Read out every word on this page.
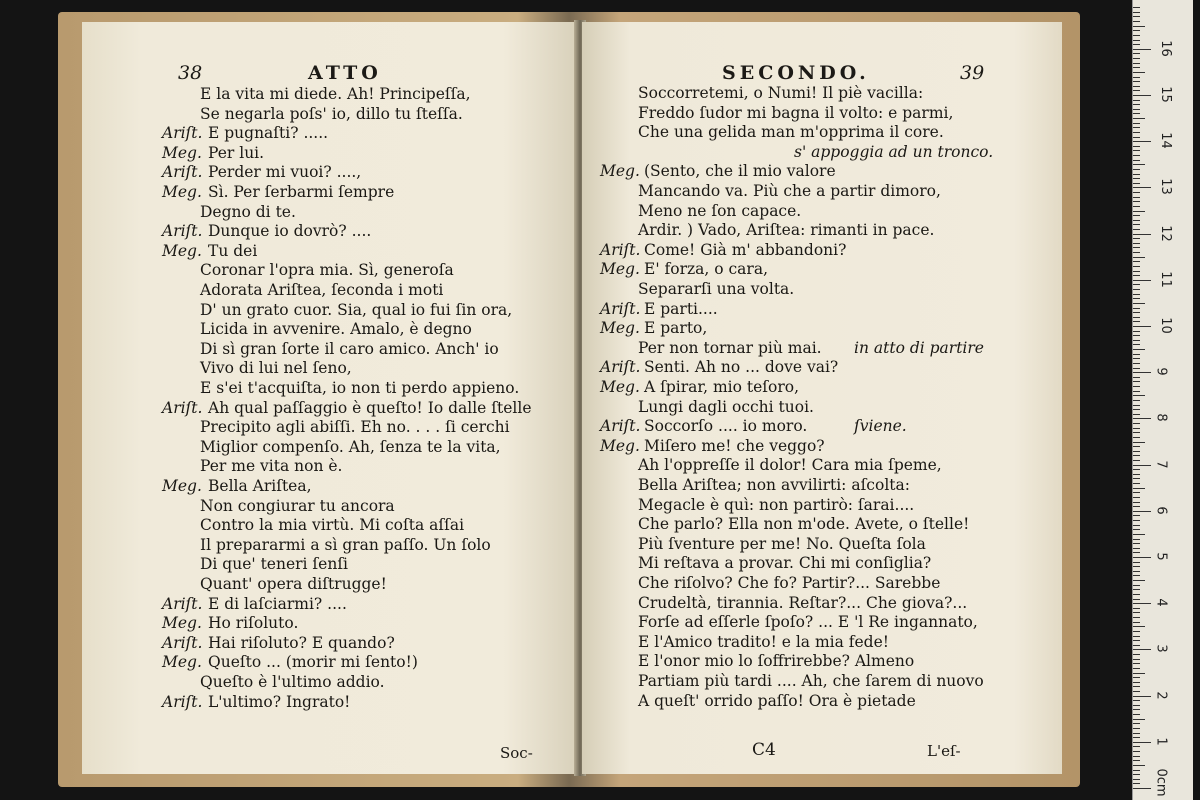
38	ATTO
E la vita mi diede. Ah! Principeſſa,
Se negarla poſs' io, dillo tu ſteſſa.
Ariſt. E pugnaſti? .....
Meg. Per lui.
Ariſt. Perder mi vuoi? ....,
Meg. Sì. Per ſerbarmi ſempre
Degno di te.
Ariſt. Dunque io dovrò? ....
Meg. Tu dei
Coronar l'opra mia. Sì, generoſa
Adorata Ariſtea, ſeconda i moti
D' un grato cuor. Sia, qual io fui ſin ora,
Licida in avvenire. Amalo, è degno
Di sì gran ſorte il caro amico. Anch' io
Vivo di lui nel ſeno,
E s'ei t'acquiſta, io non ti perdo appieno.
Ariſt. Ah qual paſſaggio è queſto! Io dalle ſtelle
Precipito agli abiſſi. Eh no. . . . ſi cerchi
Miglior compenſo. Ah, ſenza te la vita,
Per me vita non è.
Meg. Bella Ariſtea,
Non congiurar tu ancora
Contro la mia virtù. Mi coſta aſſai
Il prepararmi a sì gran paſſo. Un ſolo
Di que' teneri ſenſi
Quant' opera diſtrugge!
Ariſt. E di laſciarmi? ....
Meg. Ho riſoluto.
Ariſt. Hai riſoluto? E quando?
Meg. Queſto ... (morir mi ſento!)
Queſto è l'ultimo addio.
Ariſt. L'ultimo? Ingrato!
Soc-
SECONDO.	39
Soccorretemi, o Numi! Il piè vacilla:
Freddo ſudor mi bagna il volto: e parmi,
Che una gelida man m'opprima il core.
s' appoggia ad un tronco.
Meg. (Sento, che il mio valore
Mancando va. Più che a partir dimoro,
Meno ne ſon capace.
Ardir. ) Vado, Ariſtea: rimanti in pace.
Ariſt. Come! Già m' abbandoni?
Meg. E' forza, o cara,
Separarſi una volta.
Ariſt. E parti....
Meg. E parto,
Per non tornar più mai. in atto di partire
Ariſt. Senti. Ah no ... dove vai?
Meg. A ſpirar, mio teſoro,
Lungi dagli occhi tuoi.
Ariſt. Soccorſo .... io moro.	ſviene.
Meg. Miſero me! che veggo?
Ah l'oppreſſe il dolor! Cara mia ſpeme,
Bella Ariſtea; non avvilirti: aſcolta:
Megacle è quì: non partirò: ſarai....
Che parlo? Ella non m'ode. Avete, o ſtelle!
Più ſventure per me! No. Queſta ſola
Mi reſtava a provar. Chi mi conſiglia?
Che riſolvo? Che fo? Partir?... Sarebbe
Crudeltà, tirannia. Reſtar?... Che giova?...
Forſe ad eſſerle ſpoſo? ... E 'l Re ingannato,
E l'Amico tradito! e la mia fede!
E l'onor mio lo ſoffrirebbe? Almeno
Partiam più tardi .... Ah, che ſarem di nuovo
A queſt' orrido paſſo! Ora è pietade
C4	L'eſ-
1
2
3
4
5
6
7
8
9
10
11
12
13
14
15
16
0cm
